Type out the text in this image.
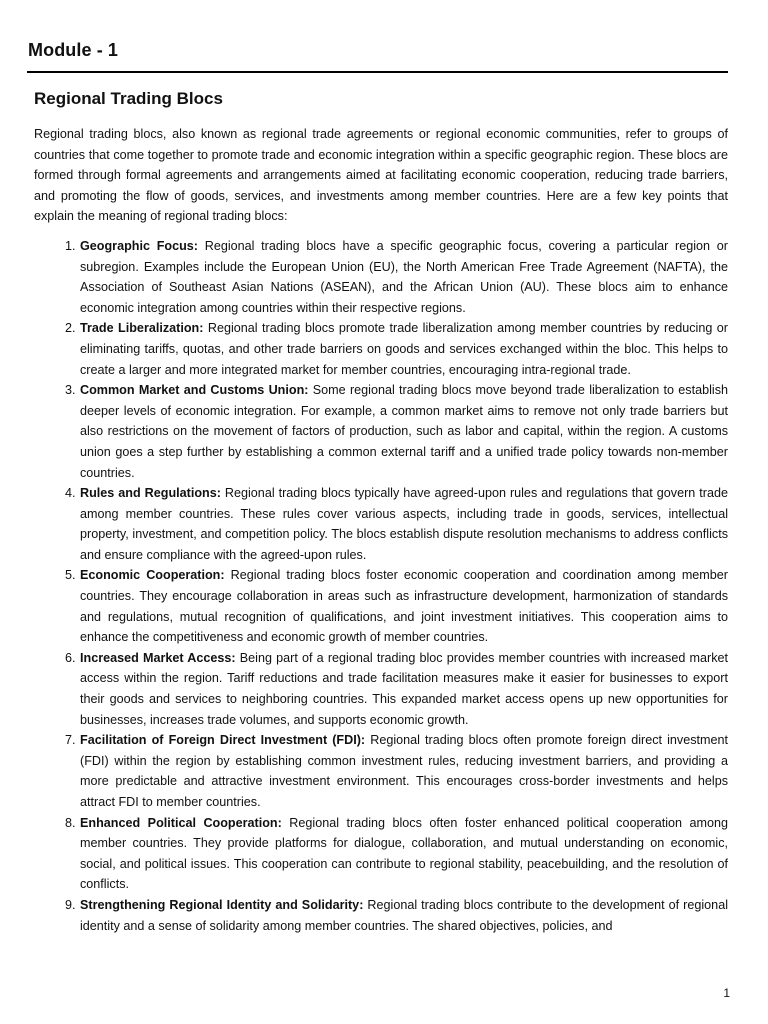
Module - 1
Regional Trading Blocs

Regional trading blocs, also known as regional trade agreements or regional economic communities, refer to groups of countries that come together to promote trade and economic integration within a specific geographic region. These blocs are formed through formal agreements and arrangements aimed at facilitating economic cooperation, reducing trade barriers, and promoting the flow of goods, services, and investments among member countries. Here are a few key points that explain the meaning of regional trading blocs:

1. Geographic Focus: Regional trading blocs have a specific geographic focus, covering a particular region or subregion. Examples include the European Union (EU), the North American Free Trade Agreement (NAFTA), the Association of Southeast Asian Nations (ASEAN), and the African Union (AU). These blocs aim to enhance economic integration among countries within their respective regions.
2. Trade Liberalization: Regional trading blocs promote trade liberalization among member countries by reducing or eliminating tariffs, quotas, and other trade barriers on goods and services exchanged within the bloc. This helps to create a larger and more integrated market for member countries, encouraging intra-regional trade.
3. Common Market and Customs Union: Some regional trading blocs move beyond trade liberalization to establish deeper levels of economic integration. For example, a common market aims to remove not only trade barriers but also restrictions on the movement of factors of production, such as labor and capital, within the region. A customs union goes a step further by establishing a common external tariff and a unified trade policy towards non-member countries.
4. Rules and Regulations: Regional trading blocs typically have agreed-upon rules and regulations that govern trade among member countries. These rules cover various aspects, including trade in goods, services, intellectual property, investment, and competition policy. The blocs establish dispute resolution mechanisms to address conflicts and ensure compliance with the agreed-upon rules.
5. Economic Cooperation: Regional trading blocs foster economic cooperation and coordination among member countries. They encourage collaboration in areas such as infrastructure development, harmonization of standards and regulations, mutual recognition of qualifications, and joint investment initiatives. This cooperation aims to enhance the competitiveness and economic growth of member countries.
6. Increased Market Access: Being part of a regional trading bloc provides member countries with increased market access within the region. Tariff reductions and trade facilitation measures make it easier for businesses to export their goods and services to neighboring countries. This expanded market access opens up new opportunities for businesses, increases trade volumes, and supports economic growth.
7. Facilitation of Foreign Direct Investment (FDI): Regional trading blocs often promote foreign direct investment (FDI) within the region by establishing common investment rules, reducing investment barriers, and providing a more predictable and attractive investment environment. This encourages cross-border investments and helps attract FDI to member countries.
8. Enhanced Political Cooperation: Regional trading blocs often foster enhanced political cooperation among member countries. They provide platforms for dialogue, collaboration, and mutual understanding on economic, social, and political issues. This cooperation can contribute to regional stability, peacebuilding, and the resolution of conflicts.
9. Strengthening Regional Identity and Solidarity: Regional trading blocs contribute to the development of regional identity and a sense of solidarity among member countries. The shared objectives, policies, and
1
